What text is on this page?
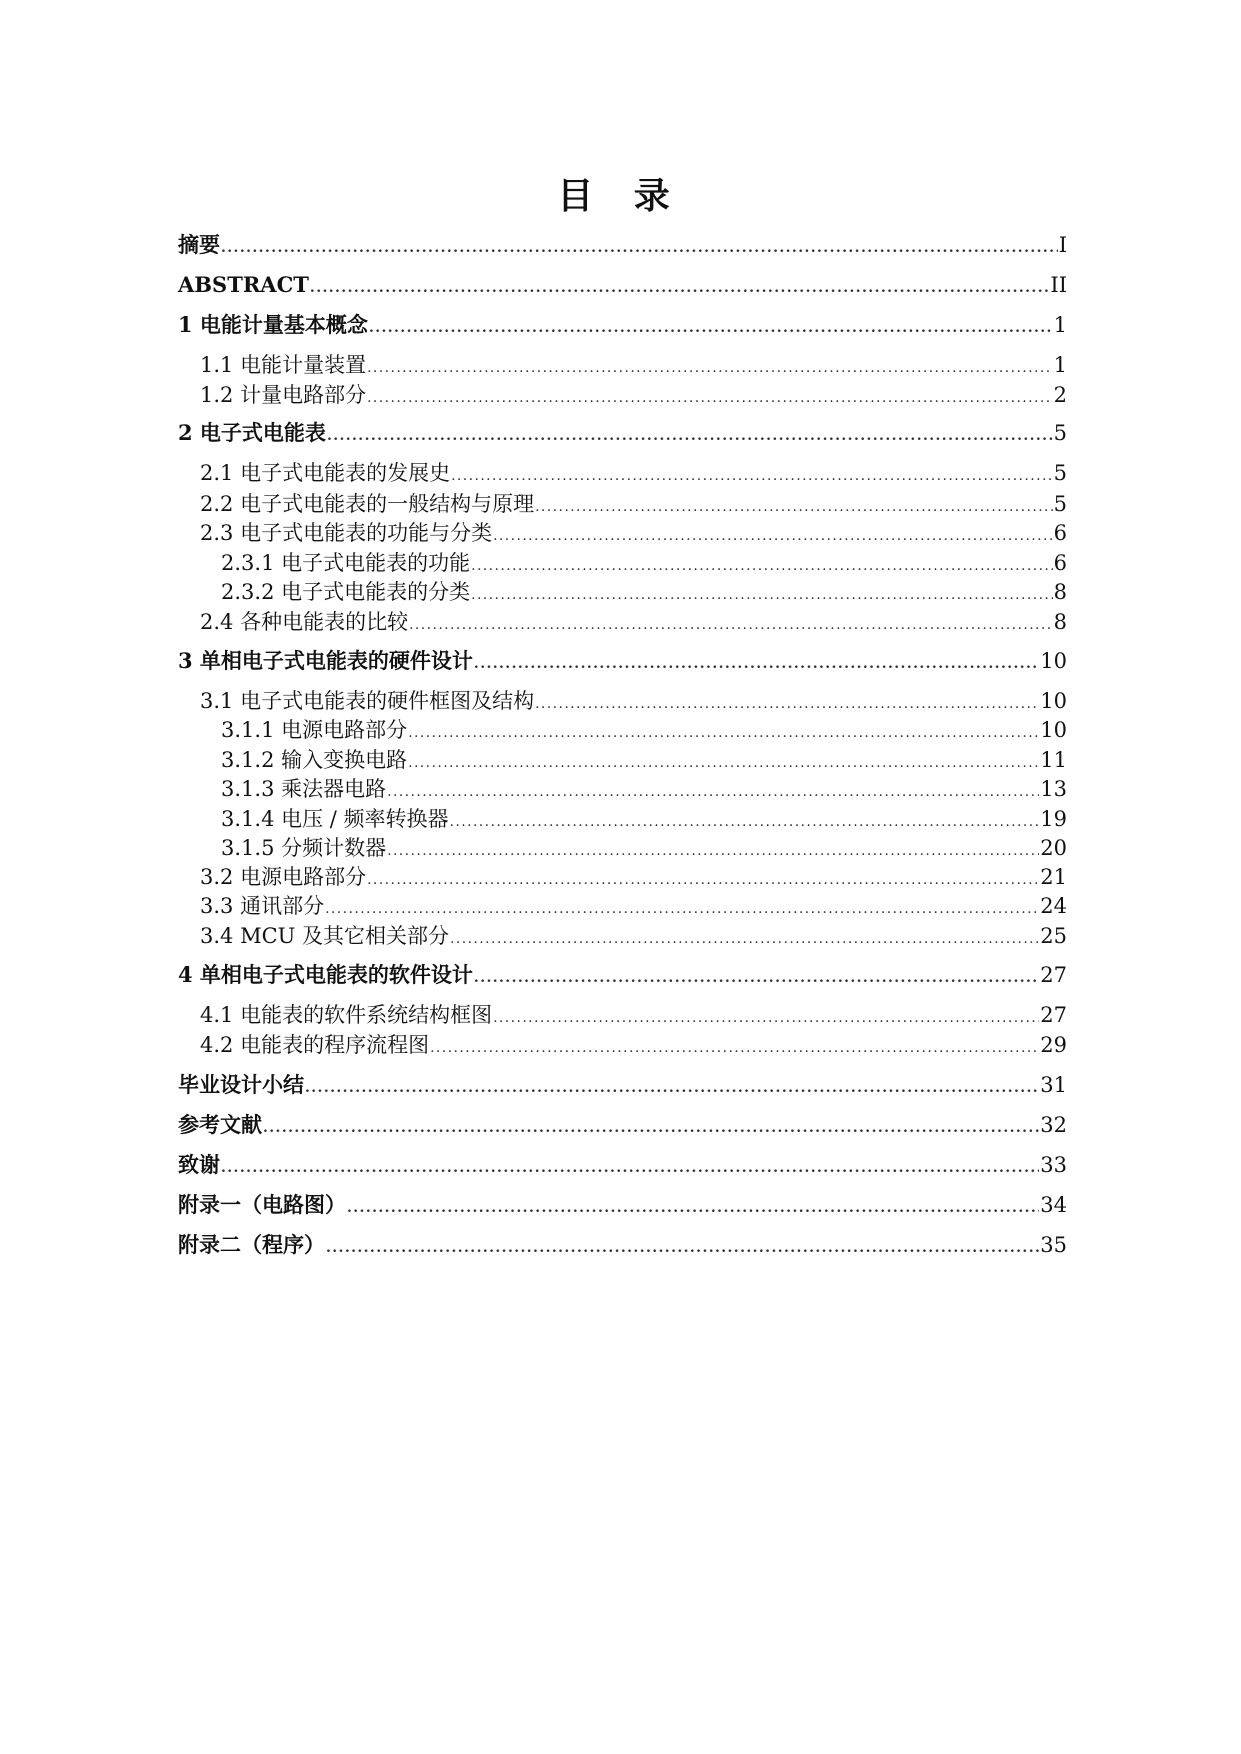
目 录
摘要 .....	I
ABSTRACT .....	II
1 电能计量基本概念 .....	1
1.1 电能计量装置 .....	1
1.2 计量电路部分 .....	2
2 电子式电能表 .....	5
2.1 电子式电能表的发展史 .....	5
2.2 电子式电能表的一般结构与原理 .....	5
2.3 电子式电能表的功能与分类 .....	6
2.3.1 电子式电能表的功能 .....	6
2.3.2 电子式电能表的分类 .....	8
2.4 各种电能表的比较 .....	8
3 单相电子式电能表的硬件设计 .....	10
3.1 电子式电能表的硬件框图及结构 .....	10
3.1.1 电源电路部分 .....	10
3.1.2 输入变换电路 .....	11
3.1.3 乘法器电路 .....	13
3.1.4 电压 / 频率转换器 .....	19
3.1.5 分频计数器 .....	20
3.2 电源电路部分 .....	21
3.3 通讯部分 .....	24
3.4 MCU 及其它相关部分 .....	25
4 单相电子式电能表的软件设计 .....	27
4.1 电能表的软件系统结构框图 .....	27
4.2 电能表的程序流程图 .....	29
毕业设计小结 .....	31
参考文献 .....	32
致谢 .....	33
附录一（电路图） .....	34
附录二（程序） .....	35
